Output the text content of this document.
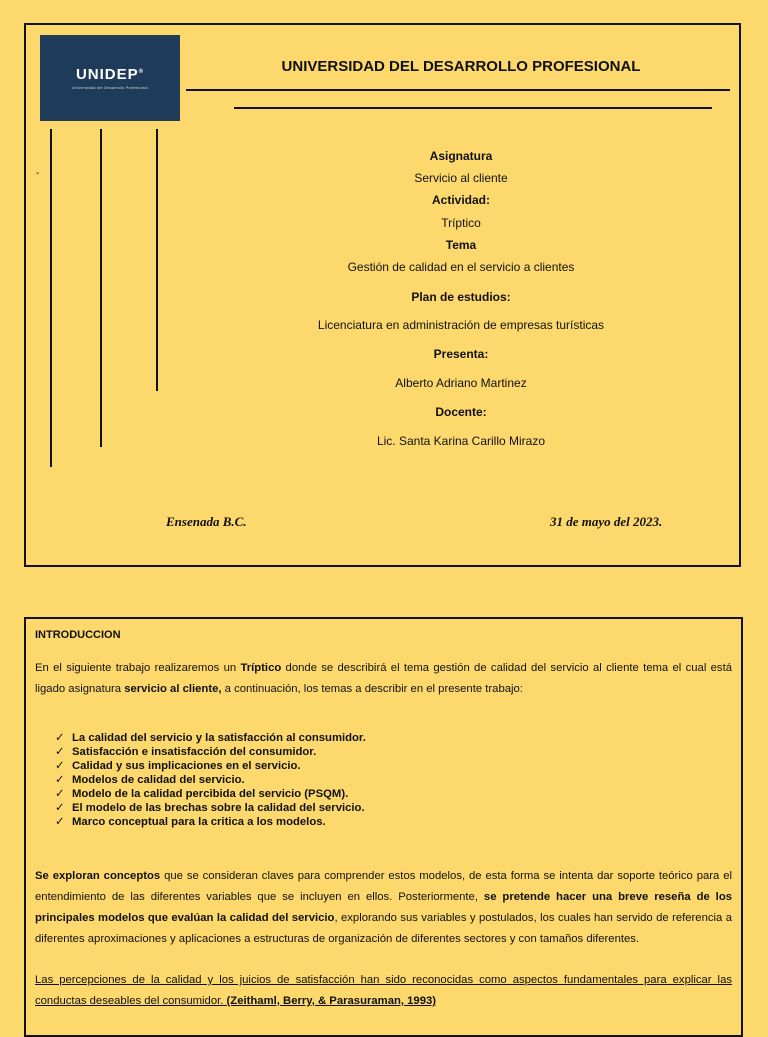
UNIDEP®
Universidad del Desarrollo Profesional
UNIVERSIDAD DEL DESARROLLO PROFESIONAL
-
Asignatura
Servicio al cliente
Actividad:
Tríptico
Tema
Gestión de calidad en el servicio a clientes
Plan de estudios:
Licenciatura en administración de empresas turísticas
Presenta:
Alberto Adriano Martinez
Docente:
Lic. Santa Karina Carillo Mirazo
Ensenada B.C.	31 de mayo del 2023.
INTRODUCCION
En el siguiente trabajo realizaremos un Tríptico donde se describirá el tema gestión de calidad del servicio al cliente tema el cual está ligado asignatura servicio al cliente, a continuación, los temas a describir en el presente trabajo:
✓ La calidad del servicio y la satisfacción al consumidor.
✓ Satisfacción e insatisfacción del consumidor.
✓ Calidad y sus implicaciones en el servicio.
✓ Modelos de calidad del servicio.
✓ Modelo de la calidad percibida del servicio (PSQM).
✓ El modelo de las brechas sobre la calidad del servicio.
✓ Marco conceptual para la critica a los modelos.
Se exploran conceptos que se consideran claves para comprender estos modelos, de esta forma se intenta dar soporte teórico para el entendimiento de las diferentes variables que se incluyen en ellos. Posteriormente, se pretende hacer una breve reseña de los principales modelos que evalúan la calidad del servicio, explorando sus variables y postulados, los cuales han servido de referencia a diferentes aproximaciones y aplicaciones a estructuras de organización de diferentes sectores y con tamaños diferentes.
Las percepciones de la calidad y los juicios de satisfacción han sido reconocidas como aspectos fundamentales para explicar las conductas deseables del consumidor. (Zeithaml, Berry, & Parasuraman, 1993)
